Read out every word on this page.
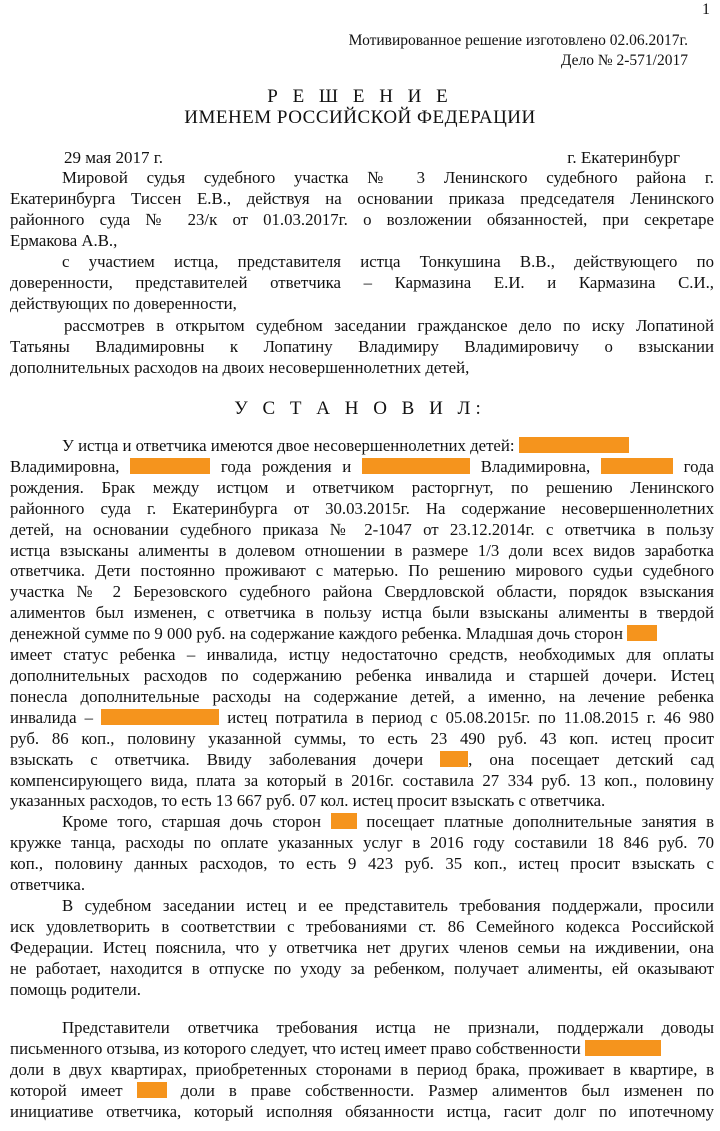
1
Мотивированное решение изготовлено 02.06.2017г.
Дело № 2-571/2017
Р Е Ш Е Н И Е
ИМЕНЕМ РОССИЙСКОЙ ФЕДЕРАЦИИ
29 мая 2017 г.	г. Екатеринбург
Мировой судья судебного участка № 3 Ленинского судебного района г.
Екатеринбурга Тиссен Е.В., действуя на основании приказа председателя Ленинского
районного суда № 23/к от 01.03.2017г. о возложении обязанностей, при секретаре
Ермакова А.В.,
с участием истца, представителя истца Тонкушина В.В., действующего по
доверенности, представителей ответчика – Кармазина Е.И. и Кармазина С.И.,
действующих по доверенности,
рассмотрев в открытом судебном заседании гражданское дело по иску Лопатиной
Татьяны Владимировны к Лопатину Владимиру Владимировичу о взыскании
дополнительных расходов на двоих несовершеннолетних детей,
У С Т А Н О В И Л:
У истца и ответчика имеются двое несовершеннолетних детей:
Владимировна,	года рождения и	Владимировна,	года
рождения. Брак между истцом и ответчиком расторгнут, по решению Ленинского
районного суда г. Екатеринбурга от 30.03.2015г. На содержание несовершеннолетних
детей, на основании судебного приказа № 2-1047 от 23.12.2014г. с ответчика в пользу
истца взысканы алименты в долевом отношении в размере 1/3 доли всех видов заработка
ответчика. Дети постоянно проживают с матерью. По решению мирового судьи судебного
участка № 2 Березовского судебного района Свердловской области, порядок взыскания
алиментов был изменен, с ответчика в пользу истца были взысканы алименты в твердой
денежной сумме по 9 000 руб. на содержание каждого ребенка. Младшая дочь сторон
имеет статус ребенка – инвалида, истцу недостаточно средств, необходимых для оплаты
дополнительных расходов по содержанию ребенка инвалида и старшей дочери. Истец
понесла дополнительные расходы на содержание детей, а именно, на лечение ребенка
инвалида –	истец потратила в период с 05.08.2015г. по 11.08.2015 г. 46 980
руб. 86 коп., половину указанной суммы, то есть 23 490 руб. 43 коп. истец просит
взыскать с ответчика. Ввиду заболевания дочери	, она посещает детский сад
компенсирующего вида, плата за который в 2016г. составила 27 334 руб. 13 коп., половину
указанных расходов, то есть 13 667 руб. 07 кол. истец просит взыскать с ответчика.
Кроме того, старшая дочь сторон	посещает платные дополнительные занятия в
кружке танца, расходы по оплате указанных услуг в 2016 году составили 18 846 руб. 70
коп., половину данных расходов, то есть 9 423 руб. 35 коп., истец просит взыскать с
ответчика.
В судебном заседании истец и ее представитель требования поддержали, просили
иск удовлетворить в соответствии с требованиями ст. 86 Семейного кодекса Российской
Федерации. Истец пояснила, что у ответчика нет других членов семьи на иждивении, она
не работает, находится в отпуске по уходу за ребенком, получает алименты, ей оказывают
помощь родители.
Представители ответчика требования истца не признали, поддержали доводы
письменного отзыва, из которого следует, что истец имеет право собственности
доли в двух квартирах, приобретенных сторонами в период брака, проживает в квартире, в
которой имеет	доли в праве собственности. Размер алиментов был изменен по
инициативе ответчика, который исполняя обязанности истца, гасит долг по ипотечному
